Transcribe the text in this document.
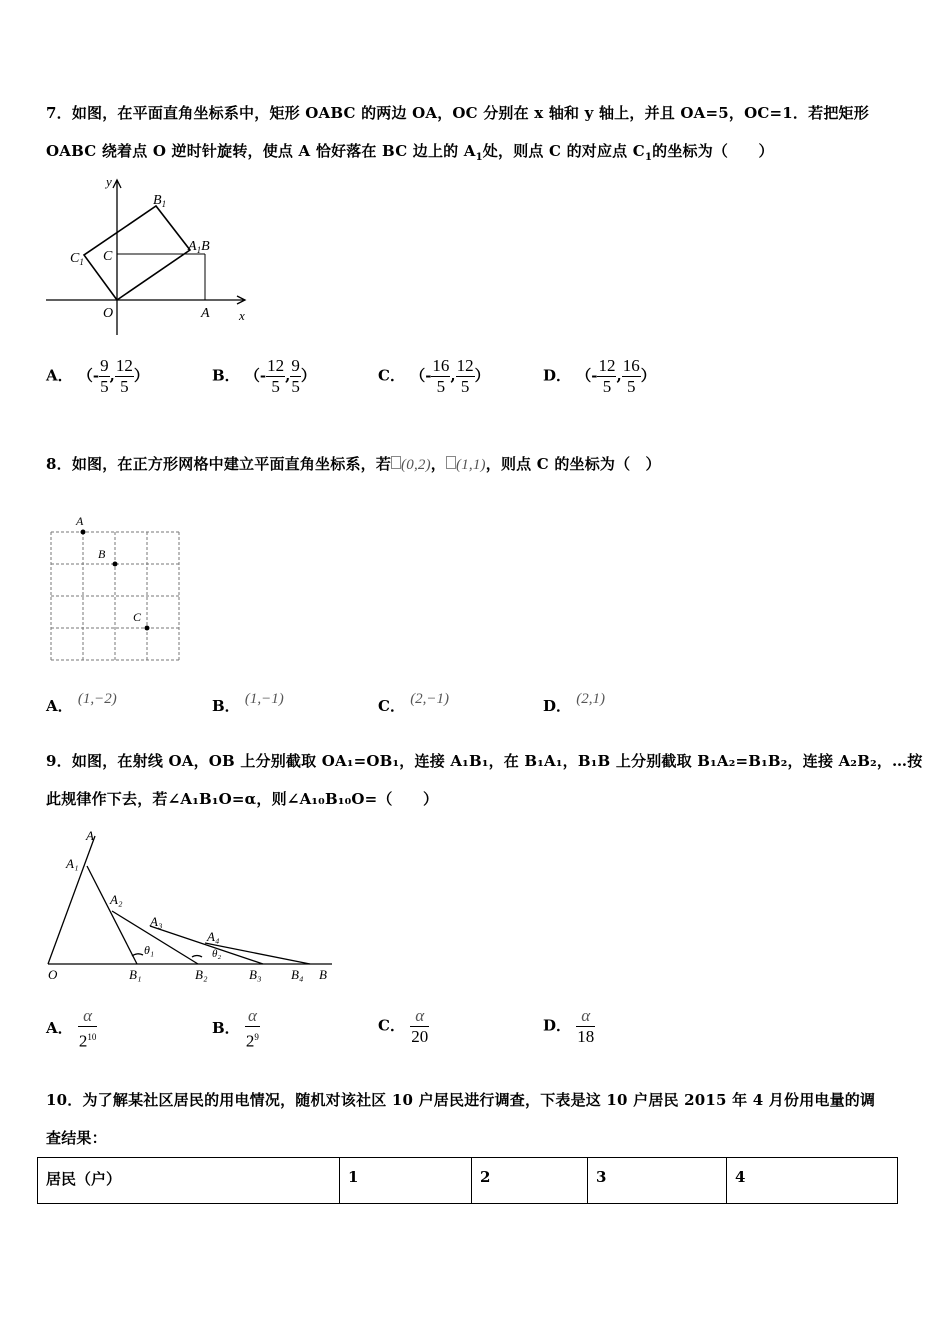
7．如图，在平面直角坐标系中，矩形 OABC 的两边 OA，OC 分别在 x 轴和 y 轴上，并且 OA=5，OC=1．若把矩形
OABC 绕着点 O 逆时针旋转，使点 A 恰好落在 BC 边上的 $A_1$处，则点 C 的对应点 $C_1$的坐标为（　　）
y
x
O	A
C
$C_1$
$B_1$
$A_1B$
A． （- $\frac{9}{5}$ , $\frac{12}{5}$ ）	B． （- $\frac{12}{5}$ , $\frac{9}{5}$ ）	C． （- $\frac{16}{5}$ , $\frac{12}{5}$ ）	D． （- $\frac{12}{5}$ , $\frac{16}{5}$ ）
8．如图，在正方形网格中建立平面直角坐标系，若 (0,2)， (1,1)，则点 C 的坐标为（　）
A
B
C
A． (1,−2)	B． (1,−1)	C． (2,−1)	D． (2,1)
9．如图，在射线 OA，OB 上分别截取 OA₁=OB₁，连接 A₁B₁，在 B₁A₁，B₁B 上分别截取 B₁A₂=B₁B₂，连接 A₂B₂，…按
此规律作下去，若∠A₁B₁O=α，则∠A₁₀B₁₀O=（　　）
A
A₁
A₂
A₃
A₄
θ₁	θ₂
O	B₁	B₂	B₃ B₄ B
A． $\frac{\alpha}{2^{10}}$	B． $\frac{\alpha}{2^9}$	C． $\frac{\alpha}{20}$	D． $\frac{\alpha}{18}$
10．为了解某社区居民的用电情况，随机对该社区 10 户居民进行调查，下表是这 10 户居民 2015 年 4 月份用电量的调
查结果：
居民（户）	1	2	3	4
